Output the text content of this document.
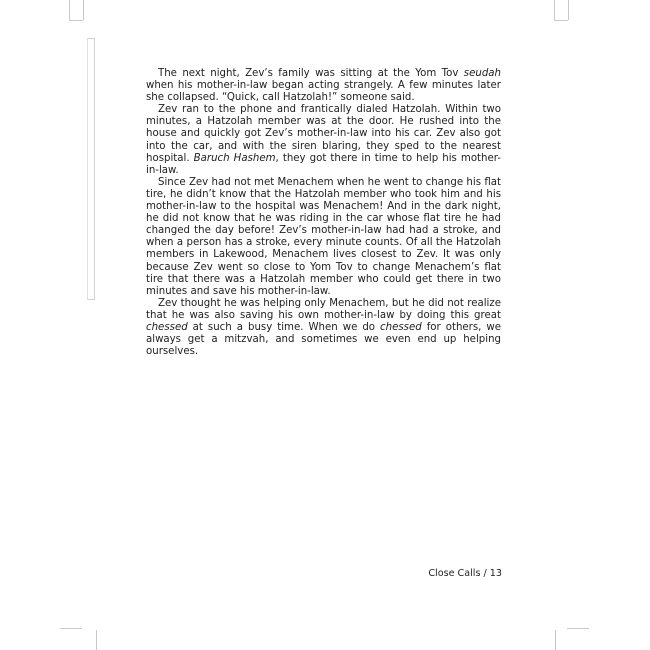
The next night, Zev’s family was sitting at the Yom Tov seudah when his mother-in-law began acting strangely. A few minutes later she collapsed. “Quick, call Hatzolah!” someone said.

Zev ran to the phone and frantically dialed Hatzolah. Within two minutes, a Hatzolah member was at the door. He rushed into the house and quickly got Zev’s mother-in-law into his car. Zev also got into the car, and with the siren blaring, they sped to the nearest hospital. Baruch Hashem, they got there in time to help his mother-in-law.

Since Zev had not met Menachem when he went to change his flat tire, he didn’t know that the Hatzolah member who took him and his mother-in-law to the hospital was Menachem! And in the dark night, he did not know that he was riding in the car whose flat tire he had changed the day before! Zev’s mother-in-law had had a stroke, and when a person has a stroke, every minute counts. Of all the Hatzolah members in Lakewood, Menachem lives closest to Zev. It was only because Zev went so close to Yom Tov to change Menachem’s flat tire that there was a Hatzolah member who could get there in two minutes and save his mother-in-law.

Zev thought he was helping only Menachem, but he did not realize that he was also saving his own mother-in-law by doing this great chessed at such a busy time. When we do chessed for others, we always get a mitzvah, and sometimes we even end up helping ourselves.

Close Calls / 13
